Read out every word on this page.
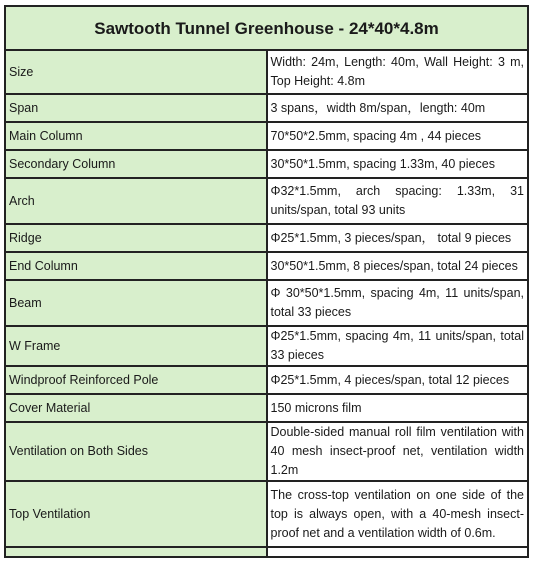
Sawtooth Tunnel Greenhouse - 24*40*4.8m	
Size	Width: 24m, Length: 40m, Wall Height: 3 m, Top Height: 4.8m
Span	3 spans，width 8m/span，length: 40m
Main Column	70*50*2.5mm, spacing 4m , 44 pieces
Secondary Column	30*50*1.5mm, spacing 1.33m, 40 pieces
Arch	Φ32*1.5mm, arch spacing: 1.33m, 31 units/span, total 93 units
Ridge	Φ25*1.5mm, 3 pieces/span， total 9 pieces
End Column	30*50*1.5mm, 8 pieces/span, total 24 pieces
Beam	Φ 30*50*1.5mm, spacing 4m, 11 units/span, total 33 pieces
W Frame	Φ25*1.5mm, spacing 4m, 11 units/span, total 33 pieces
Windproof Reinforced Pole	Φ25*1.5mm, 4 pieces/span, total 12 pieces
Cover Material	150 microns film
Ventilation on Both Sides	Double-sided manual roll film ventilation with 40 mesh insect-proof net, ventilation width 1.2m
Top Ventilation	The cross-top ventilation on one side of the top is always open, with a 40-mesh insect-proof net and a ventilation width of 0.6m.
